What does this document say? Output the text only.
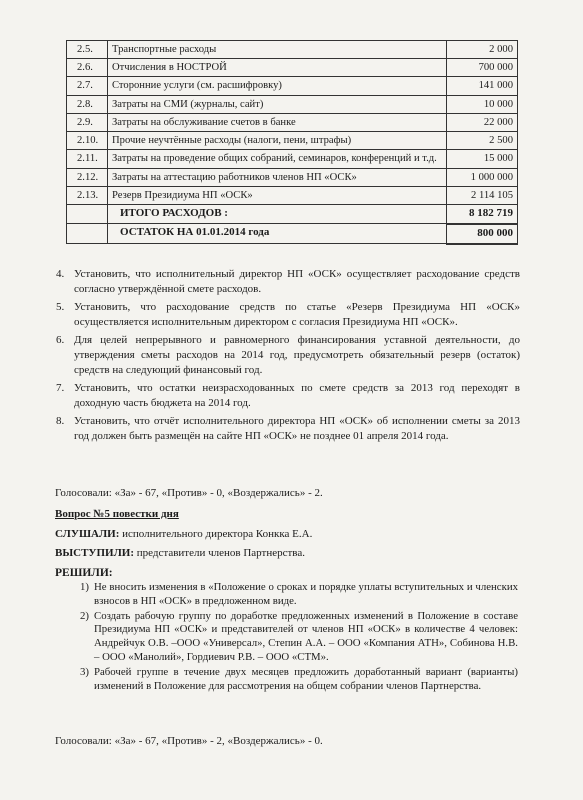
2.5.	Транспортные расходы	2 000
2.6.	Отчисления в НОСТРОЙ	700 000
2.7.	Сторонние услуги (см. расшифровку)	141 000
2.8.	Затраты на СМИ (журналы, сайт)	10 000
2.9.	Затраты на обслуживание счетов в банке	22 000
2.10.	Прочие неучтённые расходы (налоги, пени, штрафы)	2 500
2.11.	Затраты на проведение общих собраний, семинаров, конференций и т.д.	15 000
2.12.	Затраты на аттестацию работников членов НП «ОСК»	1 000 000
2.13.	Резерв Президиума НП «ОСК»	2 114 105
	ИТОГО РАСХОДОВ :	8 182 719
	ОСТАТОК НА 01.01.2014 года	800 000
4. Установить, что исполнительный директор НП «ОСК» осуществляет расходование средств согласно утверждённой смете расходов.
5. Установить, что расходование средств по статье «Резерв Президиума НП «ОСК» осуществляется исполнительным директором с согласия Президиума НП «ОСК».
6. Для целей непрерывного и равномерного финансирования уставной деятельности, до утверждения сметы расходов на 2014 год, предусмотреть обязательный резерв (остаток) средств на следующий финансовый год.
7. Установить, что остатки неизрасходованных по смете средств за 2013 год переходят в доходную часть бюджета на 2014 год.
8. Установить, что отчёт исполнительного директора НП «ОСК» об исполнении сметы за 2013 год должен быть размещён на сайте НП «ОСК» не позднее 01 апреля 2014 года.
Голосовали: «За» - 67, «Против» - 0, «Воздержались» - 2.
Вопрос №5 повестки дня
СЛУШАЛИ: исполнительного директора Конкка Е.А.
ВЫСТУПИЛИ: представители членов Партнерства.
РЕШИЛИ:
1) Не вносить изменения в «Положение о сроках и порядке уплаты вступительных и членских взносов в НП «ОСК» в предложенном виде.
2) Создать рабочую группу по доработке предложенных изменений в Положение в составе Президиума НП «ОСК» и представителей от членов НП «ОСК» в количестве 4 человек: Андрейчук О.В. –ООО «Универсал», Степин А.А. – ООО «Компания АТН», Собинова Н.В. – ООО «Манолий», Гордиевич Р.В. – ООО «СТМ».
3) Рабочей группе в течение двух месяцев предложить доработанный вариант (варианты) изменений в Положение для рассмотрения на общем собрании членов Партнерства.
Голосовали: «За» - 67, «Против» - 2, «Воздержались» - 0.
